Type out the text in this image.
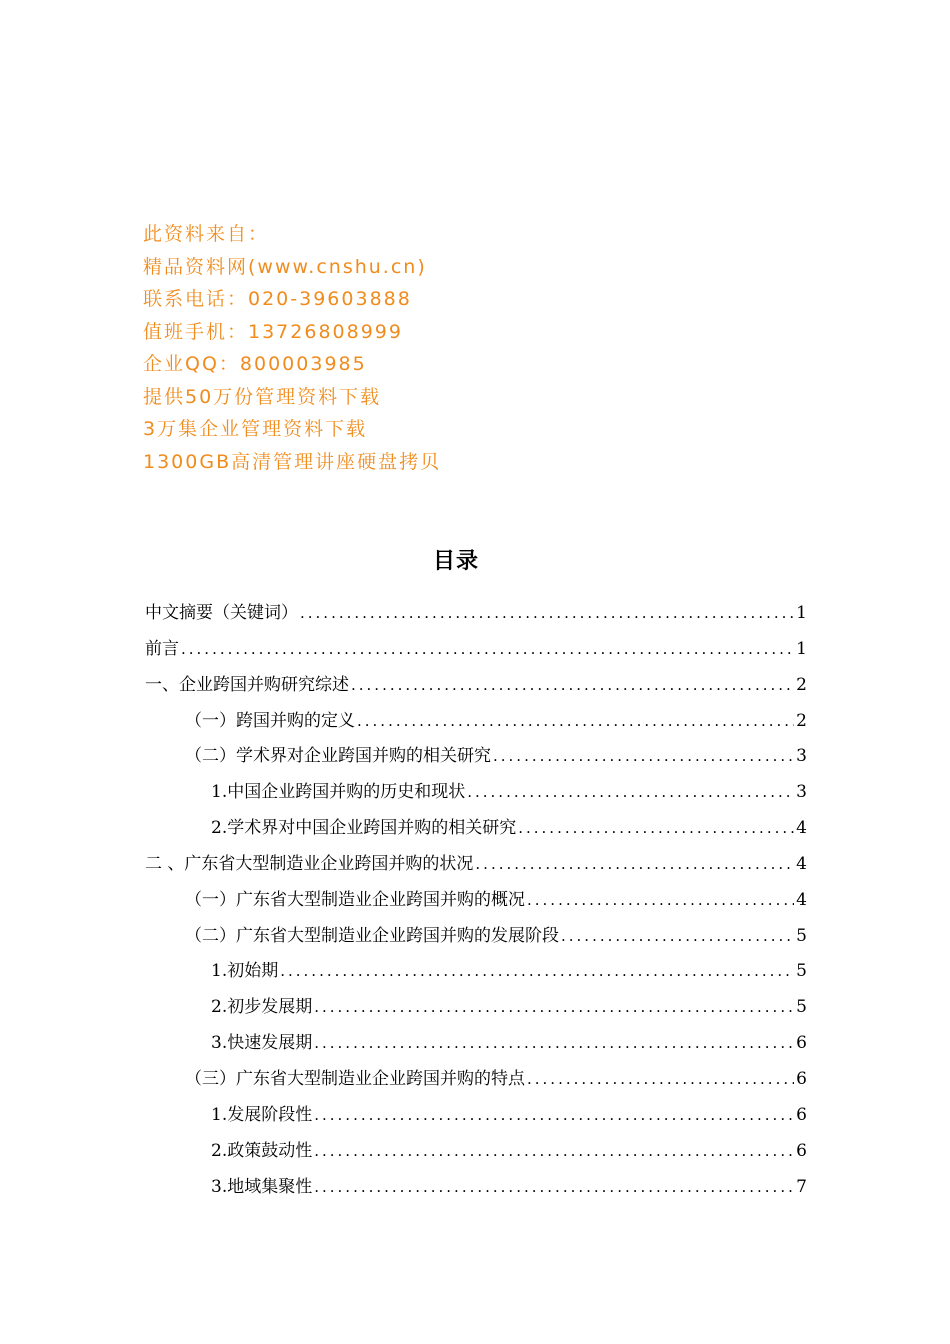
此资料来自：
精品资料网(www.cnshu.cn)
联系电话：020-39603888
值班手机：13726808999
企业QQ：800003985
提供50万份管理资料下载
3万集企业管理资料下载
1300GB高清管理讲座硬盘拷贝
目录
中文摘要（关键词） .....	1
前言 .....	1
一、企业跨国并购研究综述 .....	2
（一）跨国并购的定义 .....	2
（二）学术界对企业跨国并购的相关研究 .....	3
1.中国企业跨国并购的历史和现状 .....	3
2.学术界对中国企业跨国并购的相关研究 .....	4
二 、广东省大型制造业企业跨国并购的状况 .....	4
（一）广东省大型制造业企业跨国并购的概况 .....	4
（二）广东省大型制造业企业跨国并购的发展阶段 .....	5
1.初始期 .....	5
2.初步发展期 .....	5
3.快速发展期 .....	6
（三）广东省大型制造业企业跨国并购的特点 .....	6
1.发展阶段性 .....	6
2.政策鼓动性 .....	6
3.地域集聚性 .....	7
